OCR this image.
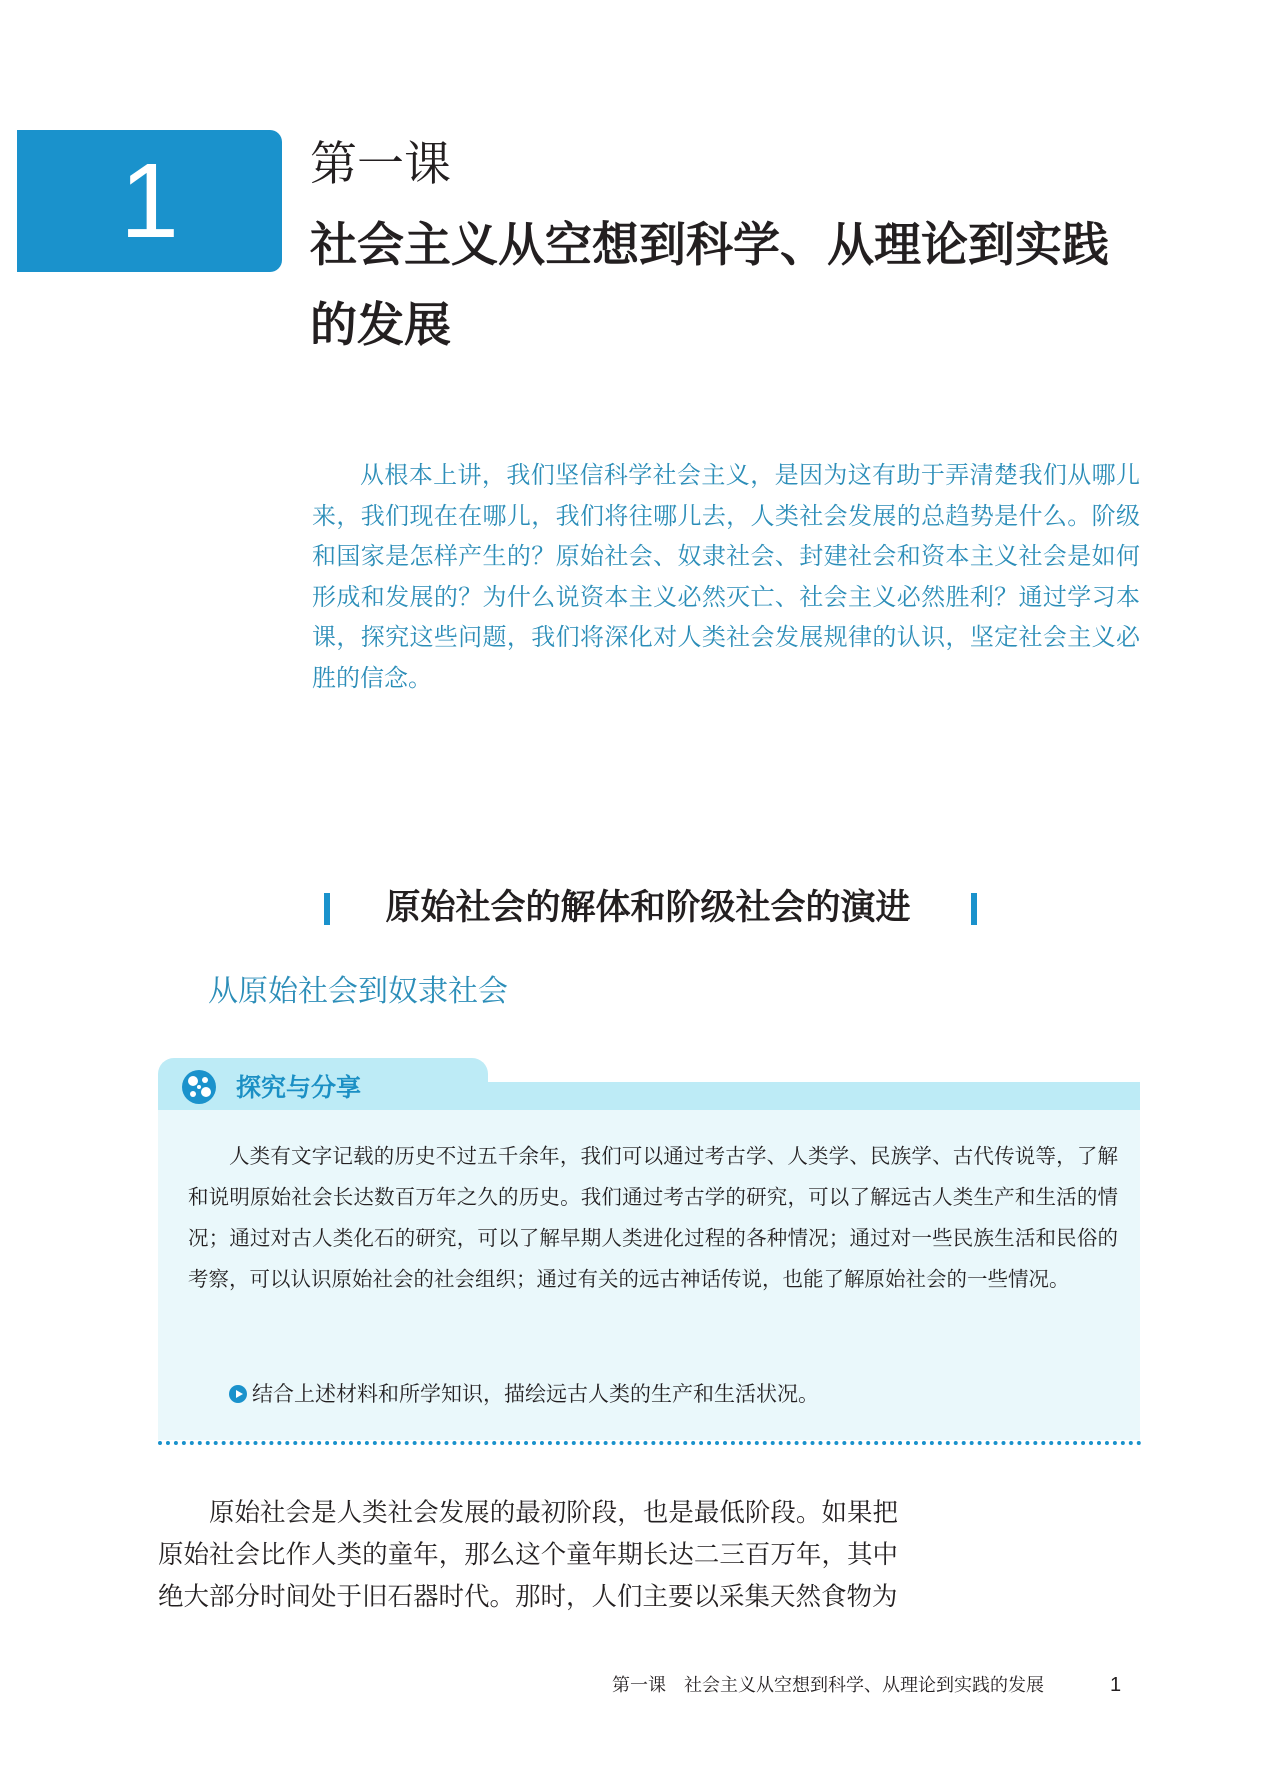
1	第一课
社会主义从空想到科学、从理论到实践的发展

从根本上讲，我们坚信科学社会主义，是因为这有助于弄清楚我们从哪儿来，我们现在在哪儿，我们将往哪儿去，人类社会发展的总趋势是什么。阶级和国家是怎样产生的？原始社会、奴隶社会、封建社会和资本主义社会是如何形成和发展的？为什么说资本主义必然灭亡、社会主义必然胜利？通过学习本课，探究这些问题，我们将深化对人类社会发展规律的认识，坚定社会主义必胜的信念。

原始社会的解体和阶级社会的演进
从原始社会到奴隶社会
探究与分享

人类有文字记载的历史不过五千余年，我们可以通过考古学、人类学、民族学、古代传说等，了解和说明原始社会长达数百万年之久的历史。我们通过考古学的研究，可以了解远古人类生产和生活的情况；通过对古人类化石的研究，可以了解早期人类进化过程的各种情况；通过对一些民族生活和民俗的考察，可以认识原始社会的社会组织；通过有关的远古神话传说，也能了解原始社会的一些情况。

结合上述材料和所学知识，描绘远古人类的生产和生活状况。

原始社会是人类社会发展的最初阶段，也是最低阶段。如果把原始社会比作人类的童年，那么这个童年期长达二三百万年，其中绝大部分时间处于旧石器时代。那时，人们主要以采集天然食物为

第一课　社会主义从空想到科学、从理论到实践的发展	1
